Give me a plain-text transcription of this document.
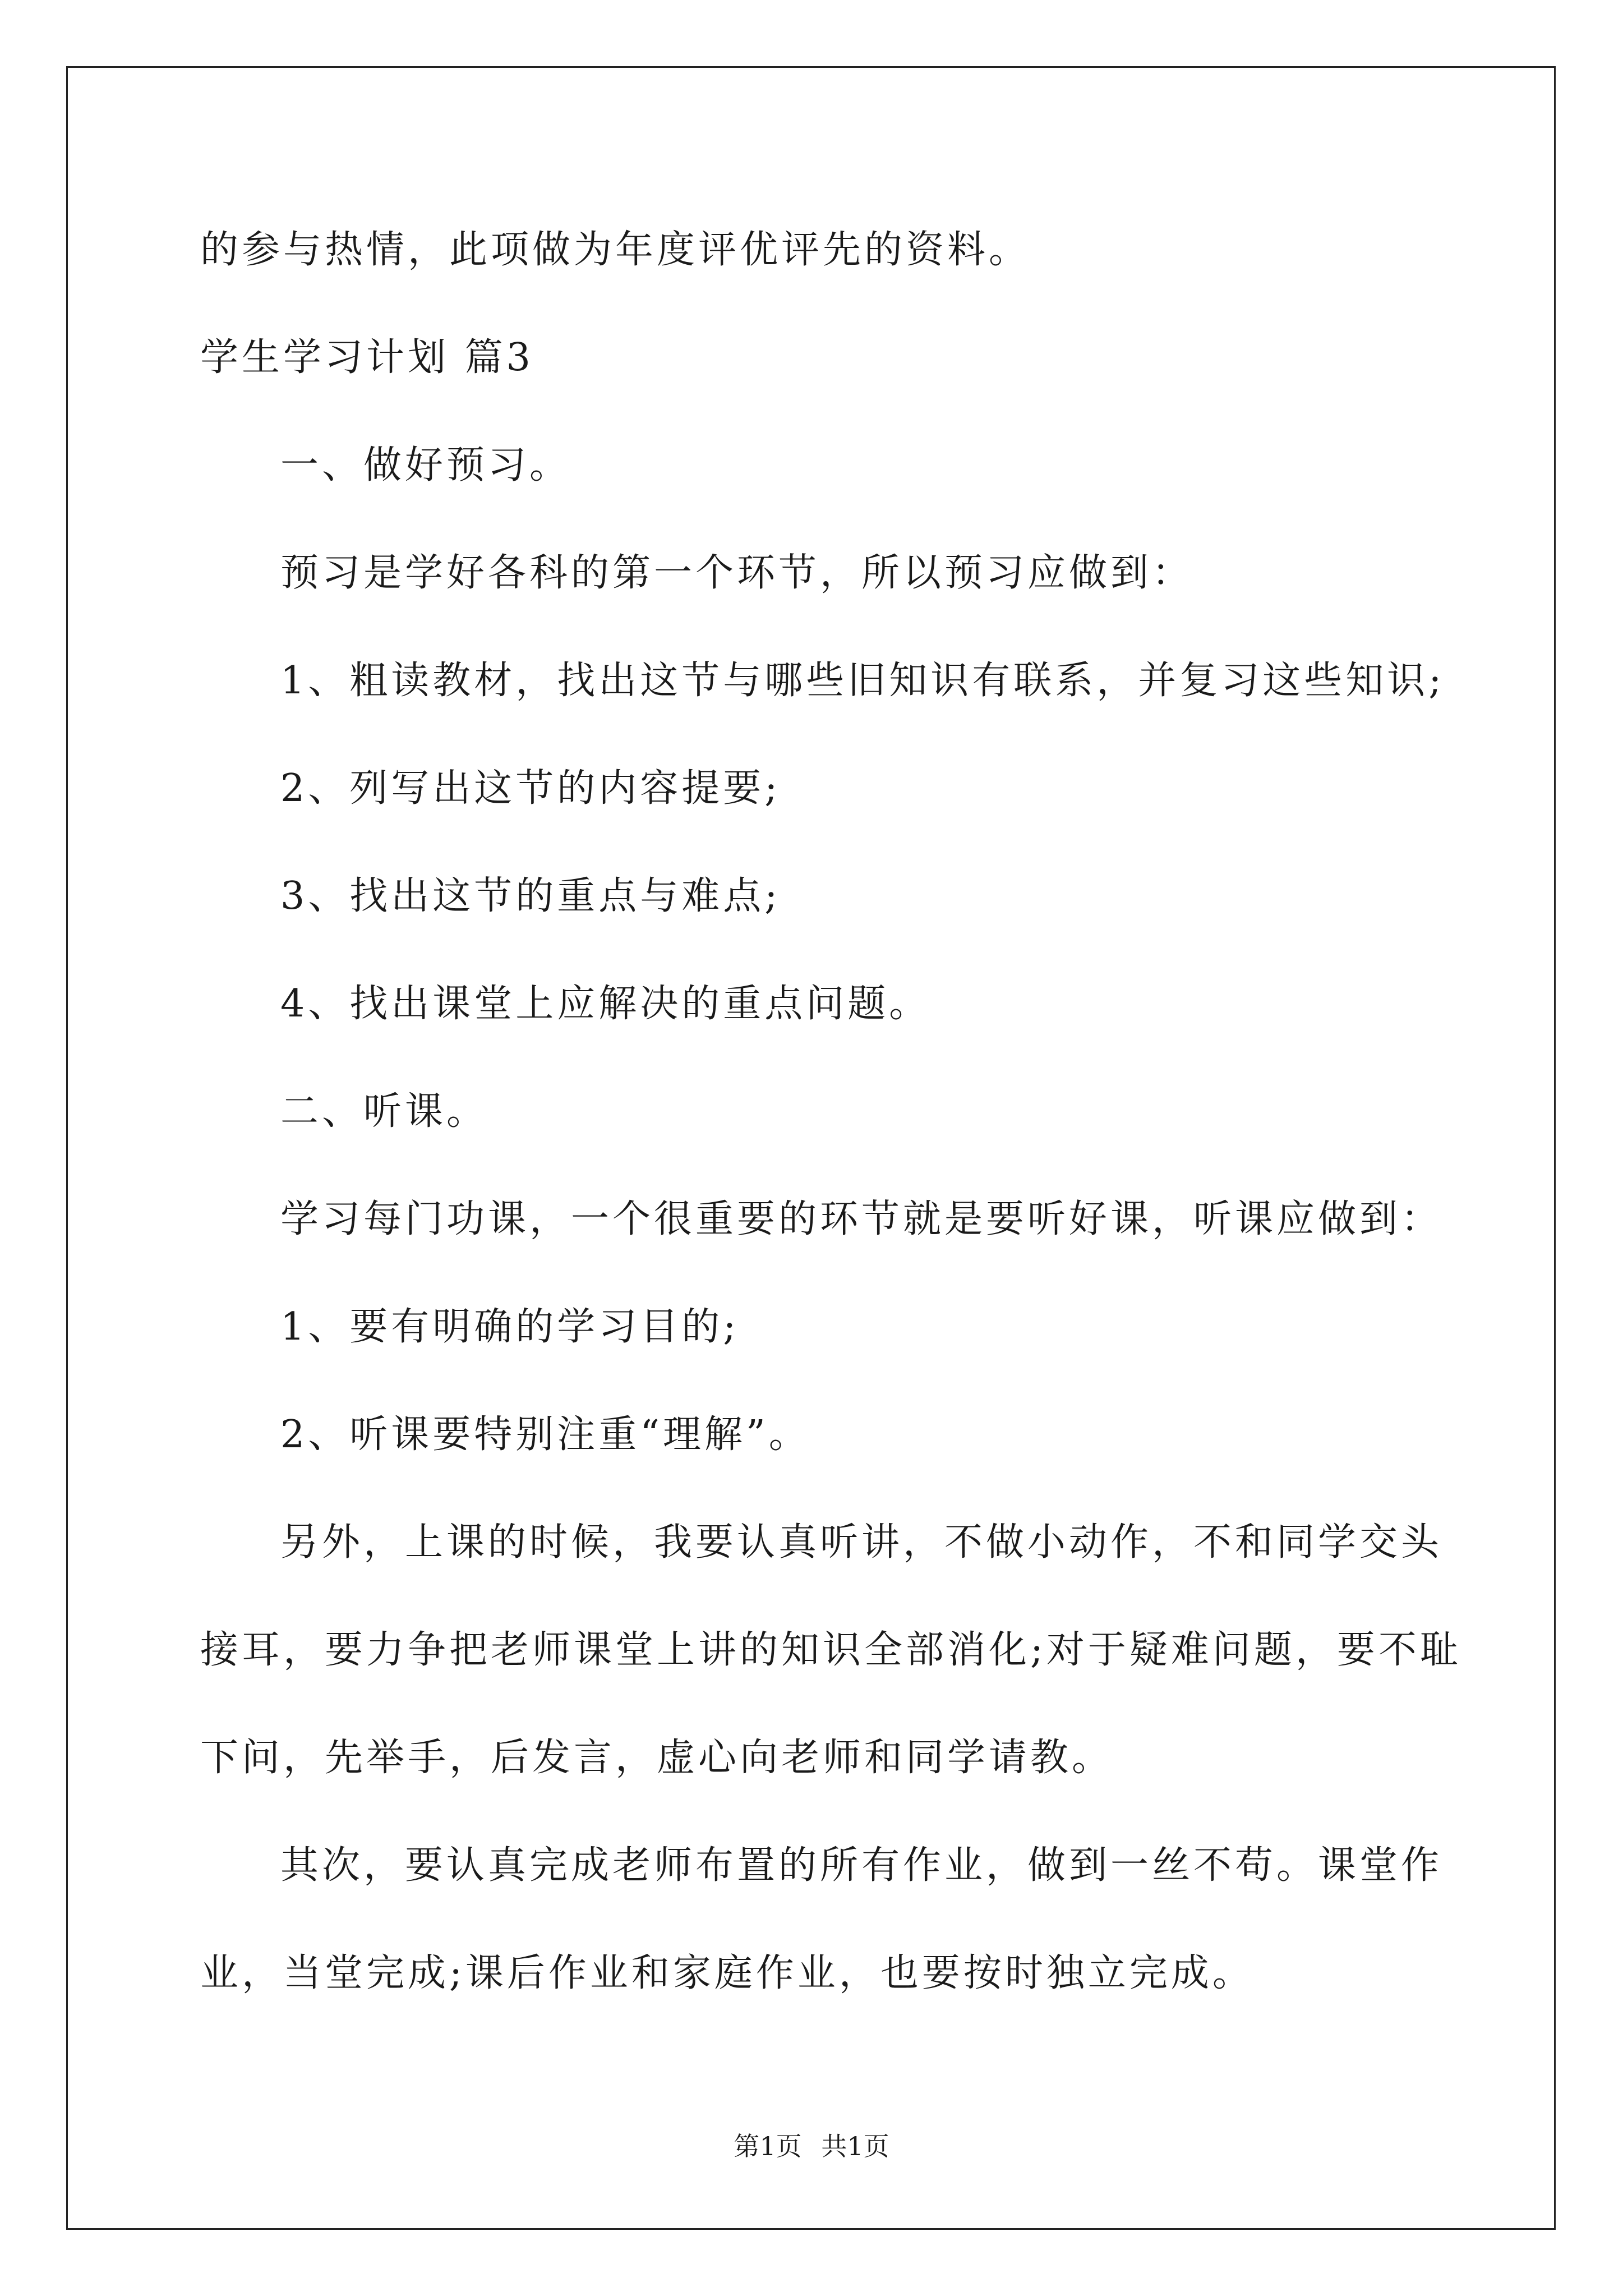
的参与热情，此项做为年度评优评先的资料。
学生学习计划 篇3
一、做好预习。
预习是学好各科的第一个环节，所以预习应做到：
1、粗读教材，找出这节与哪些旧知识有联系，并复习这些知识;
2、列写出这节的内容提要;
3、找出这节的重点与难点;
4、找出课堂上应解决的重点问题。
二、听课。
学习每门功课，一个很重要的环节就是要听好课，听课应做到：
1、要有明确的学习目的;
2、听课要特别注重“理解”。
另外，上课的时候，我要认真听讲，不做小动作，不和同学交头
接耳，要力争把老师课堂上讲的知识全部消化;对于疑难问题，要不耻
下问，先举手，后发言，虚心向老师和同学请教。
其次，要认真完成老师布置的所有作业，做到一丝不苟。课堂作
业，当堂完成;课后作业和家庭作业，也要按时独立完成。
第1页 共1页
